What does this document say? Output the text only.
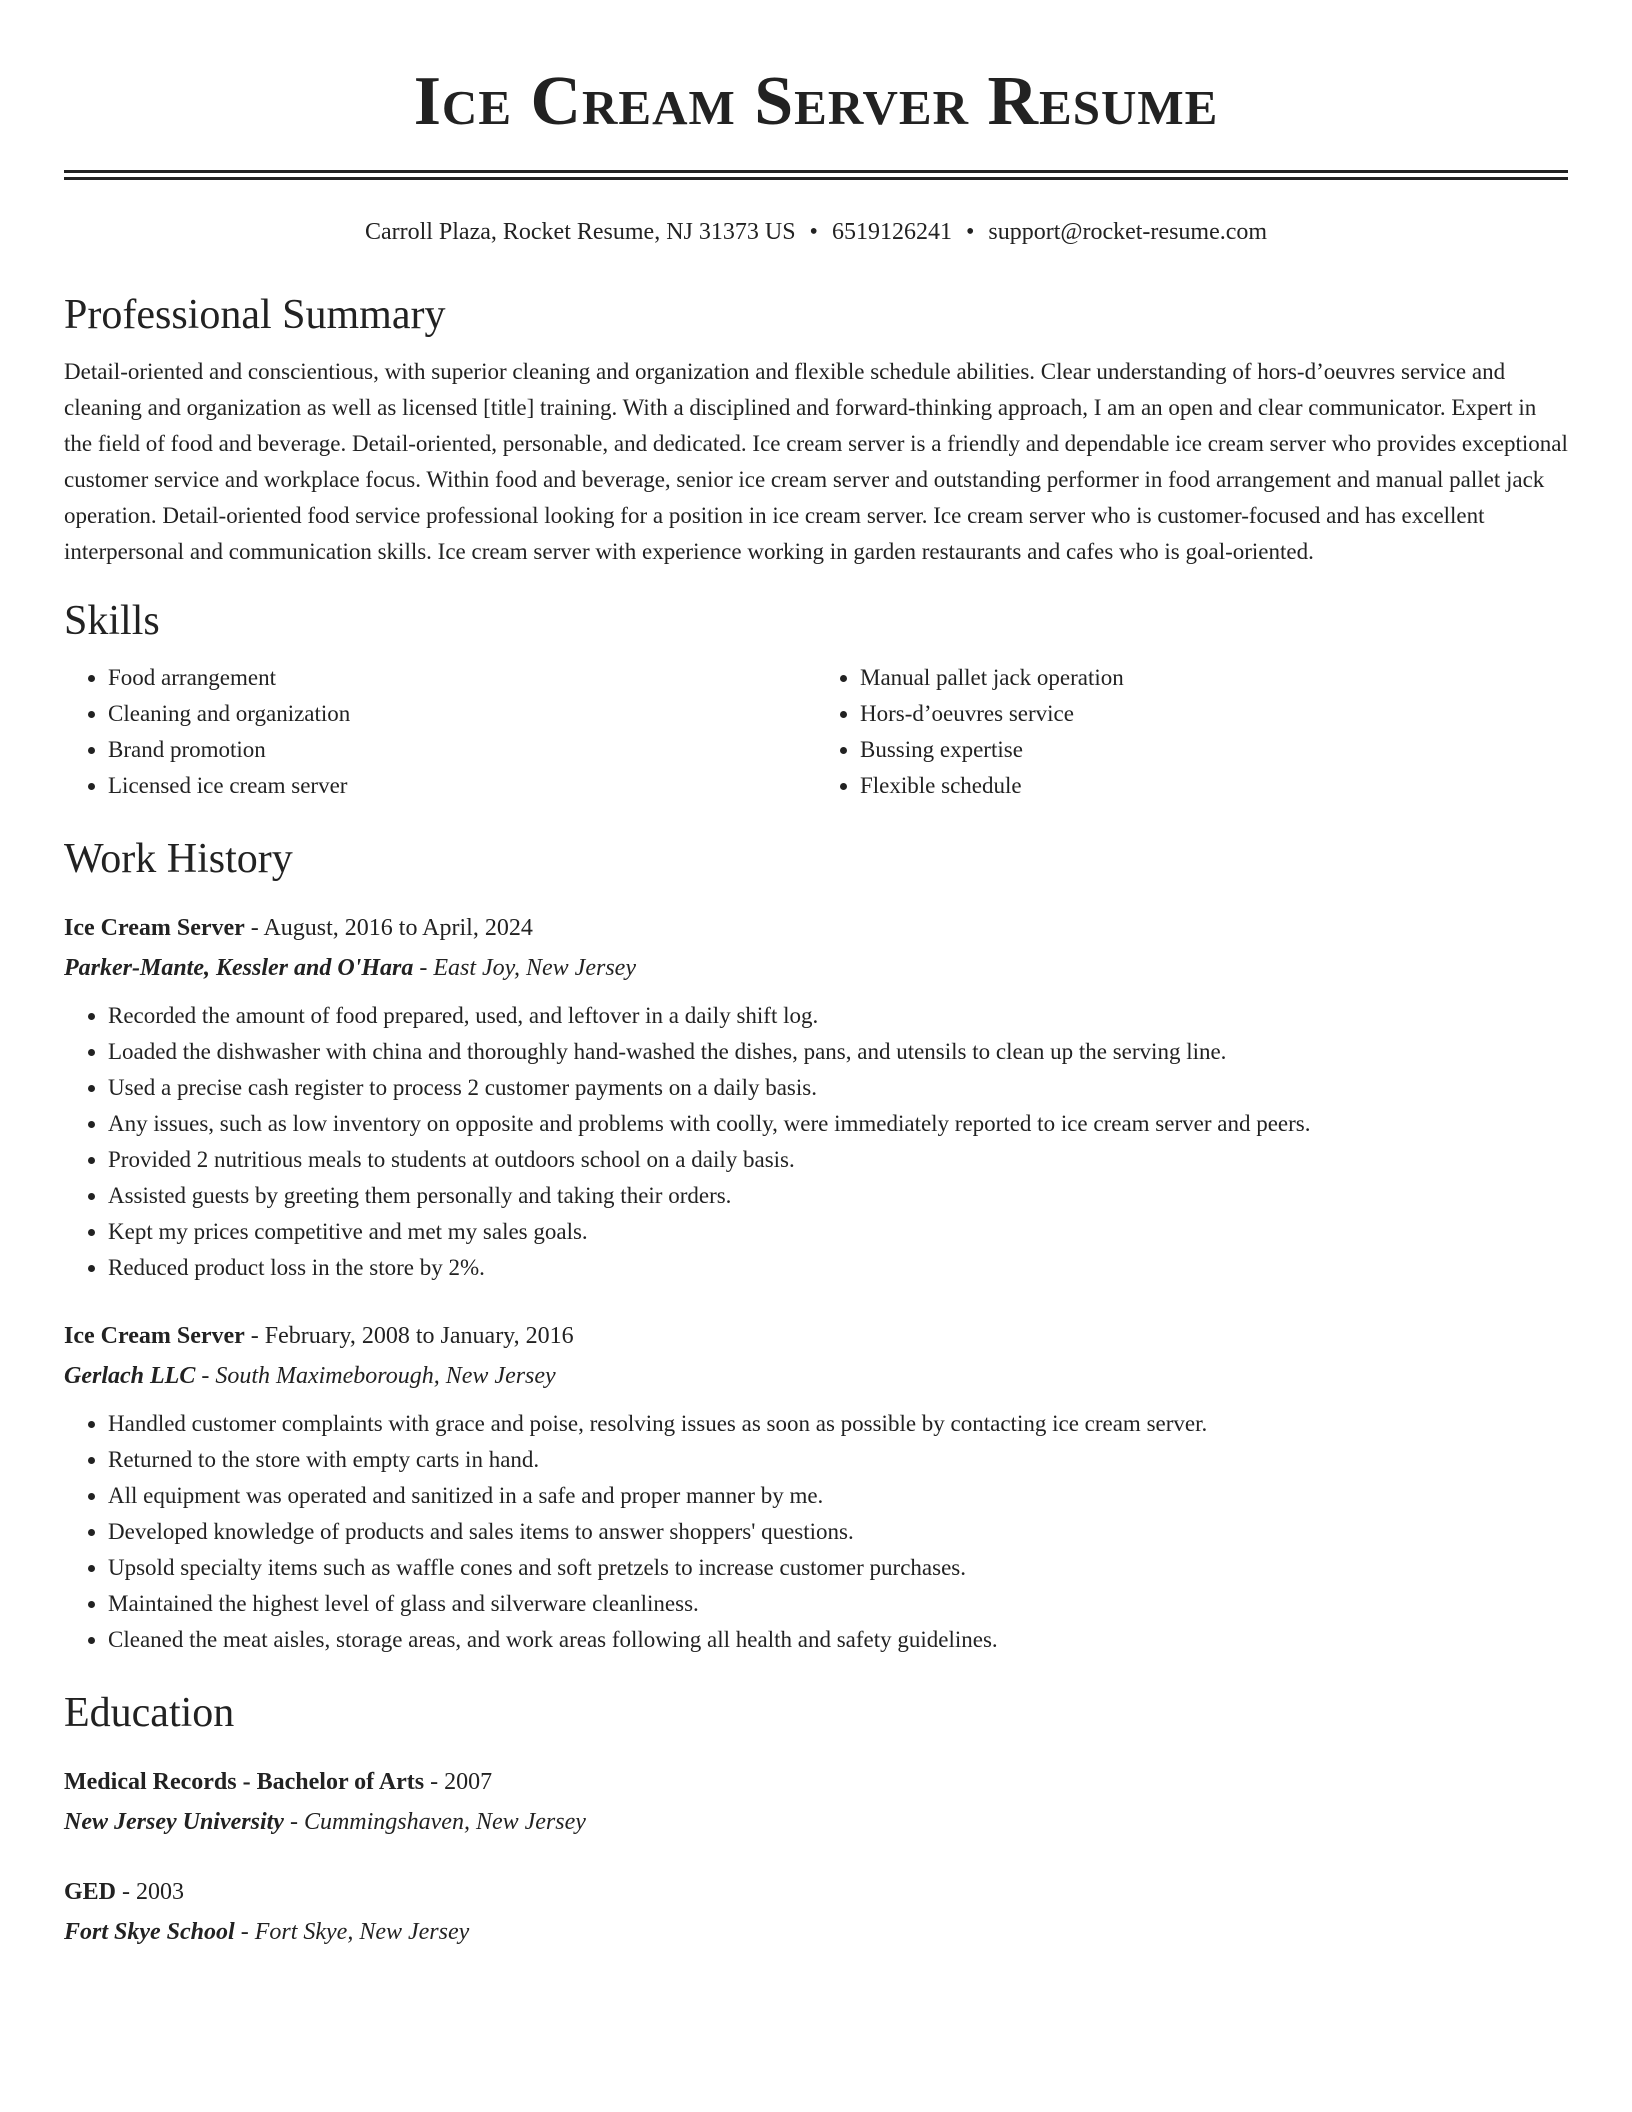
Ice Cream Server Resume
Carroll Plaza, Rocket Resume, NJ 31373 US • 6519126241 • support@rocket-resume.com
Professional Summary

Detail-oriented and conscientious, with superior cleaning and organization and flexible schedule abilities. Clear understanding of hors-d’oeuvres service and cleaning and organization as well as licensed [title] training. With a disciplined and forward-thinking approach, I am an open and clear communicator. Expert in the field of food and beverage. Detail-oriented, personable, and dedicated. Ice cream server is a friendly and dependable ice cream server who provides exceptional customer service and workplace focus. Within food and beverage, senior ice cream server and outstanding performer in food arrangement and manual pallet jack operation. Detail-oriented food service professional looking for a position in ice cream server. Ice cream server who is customer-focused and has excellent interpersonal and communication skills. Ice cream server with experience working in garden restaurants and cafes who is goal-oriented.

Skills
• Food arrangement
• Cleaning and organization
• Brand promotion
• Licensed ice cream server
• Manual pallet jack operation
• Hors-d’oeuvres service
• Bussing expertise
• Flexible schedule
Work History
Ice Cream Server - August, 2016 to April, 2024
Parker-Mante, Kessler and O'Hara - East Joy, New Jersey
• Recorded the amount of food prepared, used, and leftover in a daily shift log.
• Loaded the dishwasher with china and thoroughly hand-washed the dishes, pans, and utensils to clean up the serving line.
• Used a precise cash register to process 2 customer payments on a daily basis.
• Any issues, such as low inventory on opposite and problems with coolly, were immediately reported to ice cream server and peers.
• Provided 2 nutritious meals to students at outdoors school on a daily basis.
• Assisted guests by greeting them personally and taking their orders.
• Kept my prices competitive and met my sales goals.
• Reduced product loss in the store by 2%.
Ice Cream Server - February, 2008 to January, 2016
Gerlach LLC - South Maximeborough, New Jersey
• Handled customer complaints with grace and poise, resolving issues as soon as possible by contacting ice cream server.
• Returned to the store with empty carts in hand.
• All equipment was operated and sanitized in a safe and proper manner by me.
• Developed knowledge of products and sales items to answer shoppers' questions.
• Upsold specialty items such as waffle cones and soft pretzels to increase customer purchases.
• Maintained the highest level of glass and silverware cleanliness.
• Cleaned the meat aisles, storage areas, and work areas following all health and safety guidelines.
Education
Medical Records - Bachelor of Arts - 2007
New Jersey University - Cummingshaven, New Jersey
GED - 2003
Fort Skye School - Fort Skye, New Jersey
